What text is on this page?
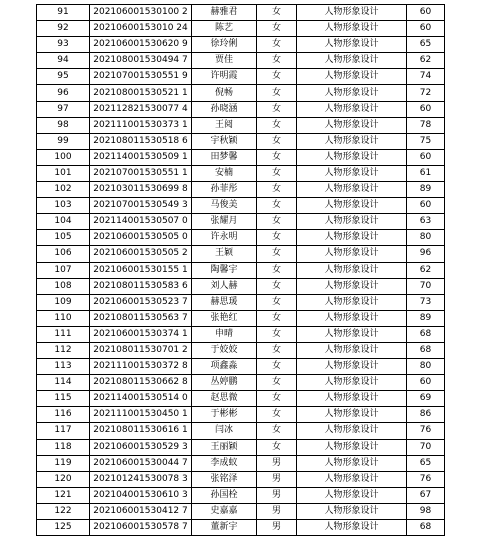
91	202106001530100 2	赫雅君	女	人物形象设计	60
92	20210600153010 24	陈艺	女	人物形象设计	60
93	202106001530620 9	徐玲俐	女	人物形象设计	65
94	202108001530494 7	贾佳	女	人物形象设计	62
95	202107001530551 9	许明霞	女	人物形象设计	74
96	202108001530521 1	倪畅	女	人物形象设计	72
97	202112821530077 4	孙晓涵	女	人物形象设计	60
98	202111001530373 1	王阅	女	人物形象设计	78
99	202108011530518 6	宇秋颖	女	人物形象设计	75
100	202114001530509 1	田梦馨	女	人物形象设计	60
101	202107001530551 1	安楠	女	人物形象设计	61
102	202103011530699 8	孙菲彤	女	人物形象设计	89
103	202107001530549 3	马俊美	女	人物形象设计	60
104	202114001530507 0	张耀月	女	人物形象设计	63
105	202106001530505 0	许永明	女	人物形象设计	80
106	202106001530505 2	王颖	女	人物形象设计	96
107	202106001530155 1	陶馨宇	女	人物形象设计	62
108	202108011530583 6	刘人赫	女	人物形象设计	70
109	202106001530523 7	赫思瑗	女	人物形象设计	73
110	202108011530563 7	张艳红	女	人物形象设计	89
111	202106001530374 1	申晴	女	人物形象设计	68
112	202108011530701 2	于姣姣	女	人物形象设计	68
113	202111001530372 8	项鑫淼	女	人物形象设计	80
114	202108011530662 8	丛婷鹏	女	人物形象设计	60
115	202114001530514 0	赵思微	女	人物形象设计	69
116	202111001530450 1	于彬彬	女	人物形象设计	86
117	202108011530616 1	闫冰	女	人物形象设计	76
118	202106001530529 3	王丽颖	女	人物形象设计	70
119	202106001530044 7	李成蚁	男	人物形象设计	65
120	202101241530078 3	张铭泽	男	人物形象设计	76
121	202104001530610 3	孙国栓	男	人物形象设计	67
122	202106001530412 7	史嘉嘉	男	人物形象设计	98
125	202106001530578 7	董新宇	男	人物形象设计	68
